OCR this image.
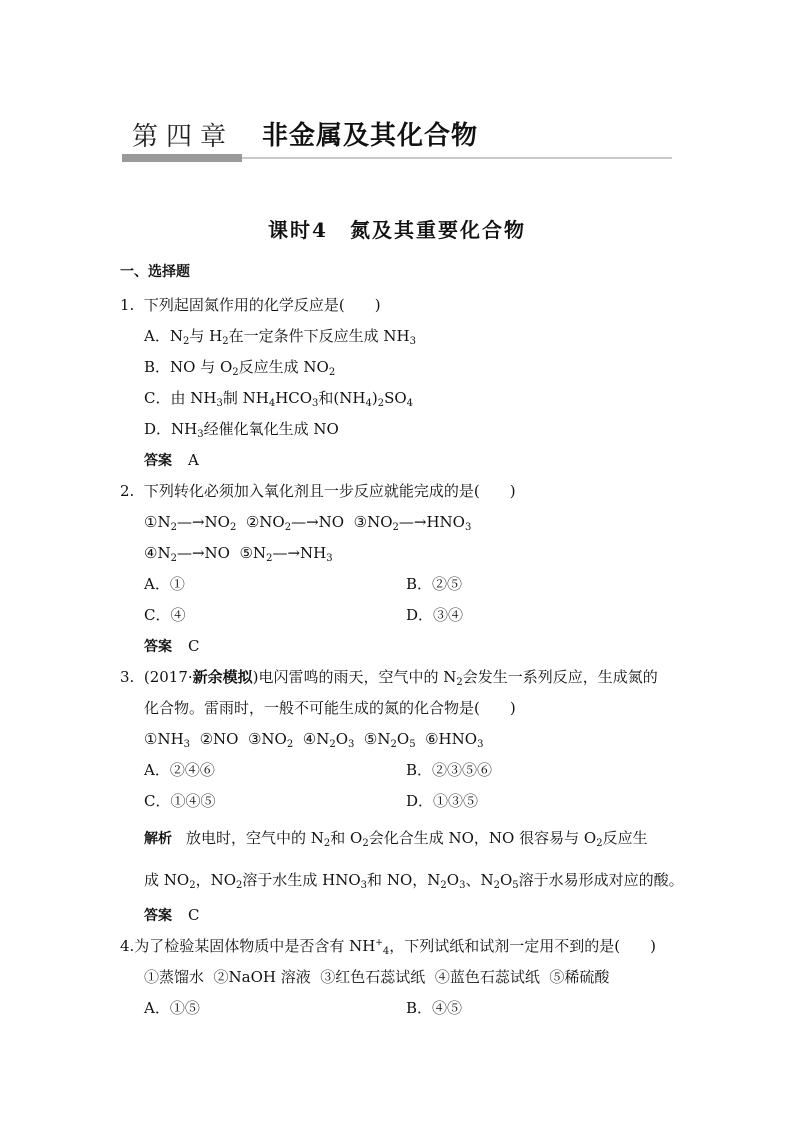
第四章 非金属及其化合物
课时4　氮及其重要化合物
一、选择题
1.  下列起固氮作用的化学反应是(　　)
A．$N_2$与 $H_2$在一定条件下反应生成 $NH_3$
B．NO 与 $O_2$反应生成 $NO_2$
C．由 $NH_3$制 $NH_4HCO_3$和$(NH_4)_2SO_4$
D．$NH_3$经催化氧化生成 NO
答案 A
2.  下列转化必须加入氧化剂且一步反应就能完成的是(　　)
$①N_2—\to NO_2$  $②NO_2—\to NO$  $③NO_2—\to HNO_3$
$④N_2—\to NO$  $⑤N_2—\to NH_3$
A．①	B．②⑤
C．④	D．③④
答案 C
3.  (2017·新余模拟)电闪雷鸣的雨天，空气中的 $N_2$会发生一系列反应，生成氮的
化合物。雷雨时，一般不可能生成的氮的化合物是(　　)
$①NH_3$  ②NO  $③NO_2$  $④N_2O_3$  $⑤N_2O_5$  $⑥HNO_3$
A．②④⑥	B．②③⑤⑥
C．①④⑤	D．①③⑤
解析 放电时，空气中的 $N_2$和 $O_2$会化合生成 NO，NO 很容易与 $O_2$反应生
成 $NO_2$，$NO_2$溶于水生成 $HNO_3$和 NO，$N_2O_3$、$N_2O_5$溶于水易形成对应的酸。
答案 C
4.为了检验某固体物质中是否含有 $NH^+_4$，下列试纸和试剂一定用不到的是(　　)
①蒸馏水  ②NaOH 溶液  ③红色石蕊试纸  ④蓝色石蕊试纸  ⑤稀硫酸
A．①⑤	B．④⑤
